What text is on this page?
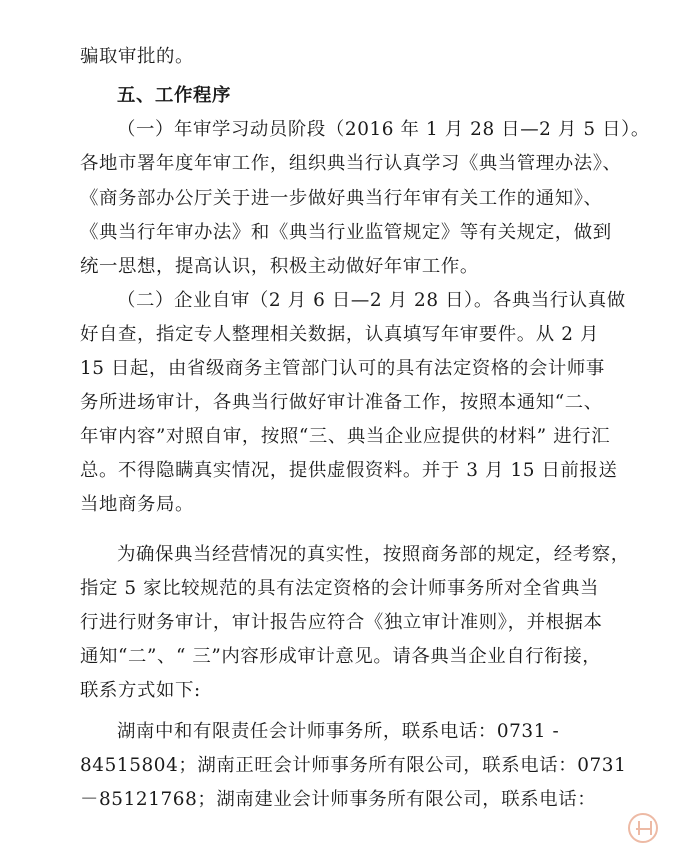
骗取审批的。
五、工作程序
（一）年审学习动员阶段（2016 年 1 月 28 日—2 月 5 日）。
各地市署年度年审工作，组织典当行认真学习《典当管理办法》、
《商务部办公厅关于进一步做好典当行年审有关工作的通知》、
《典当行年审办法》和《典当行业监管规定》等有关规定，做到
统一思想，提高认识，积极主动做好年审工作。
（二）企业自审（2 月 6 日—2 月 28 日）。各典当行认真做
好自查，指定专人整理相关数据，认真填写年审要件。从 2 月
15 日起，由省级商务主管部门认可的具有法定资格的会计师事
务所进场审计，各典当行做好审计准备工作，按照本通知“二、
年审内容”对照自审，按照“三、典当企业应提供的材料” 进行汇
总。不得隐瞒真实情况，提供虚假资料。并于 3 月 15 日前报送
当地商务局。
为确保典当经营情况的真实性，按照商务部的规定，经考察，
指定 5 家比较规范的具有法定资格的会计师事务所对全省典当
行进行财务审计，审计报告应符合《独立审计准则》，并根据本
通知“二”、“ 三”内容形成审计意见。请各典当企业自行衔接，
联系方式如下:
湖南中和有限责任会计师事务所，联系电话：0731 -
84515804；湖南正旺会计师事务所有限公司，联系电话：0731
－85121768；湖南建业会计师事务所有限公司，联系电话：
